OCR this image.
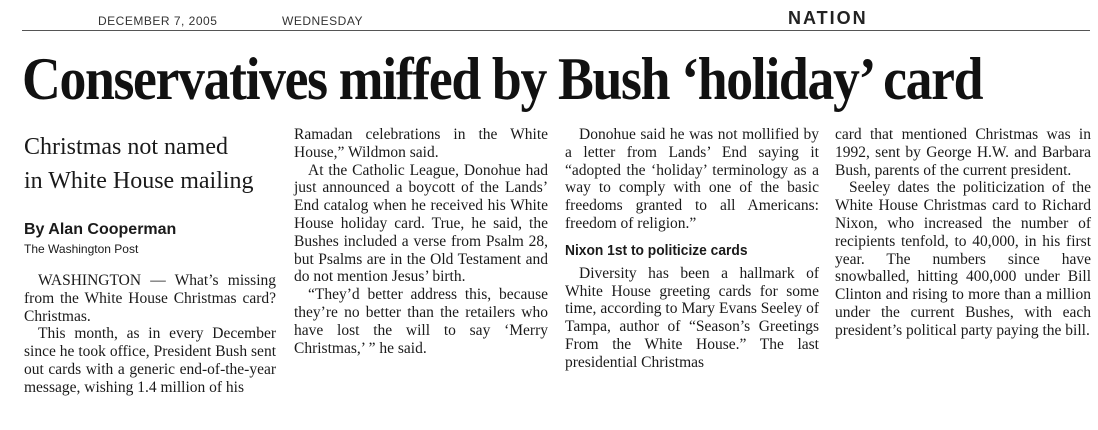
DECEMBER 7, 2005	WEDNESDAY	NATION
Conservatives miffed by Bush ‘holiday’ card
Christmas not named
in White House mailing
By Alan Cooperman
The Washington Post

WASHINGTON — What’s missing from the White House Christmas card? Christmas.

This month, as in every December since he took office, President Bush sent out cards with a generic end-of-the-year message, wishing 1.4 million of his

Ramadan celebrations in the White House,” Wildmon said.

At the Catholic League, Donohue had just announced a boycott of the Lands’ End catalog when he received his White House holiday card. True, he said, the Bushes included a verse from Psalm 28, but Psalms are in the Old Testament and do not mention Jesus’ birth.

“They’d better address this, because they’re no better than the retailers who have lost the will to say ‘Merry Christmas,’ ” he said.

Donohue said he was not mollified by a letter from Lands’ End saying it “adopted the ‘holiday’ terminology as a way to comply with one of the basic freedoms granted to all Americans: freedom of religion.”

Nixon 1st to politicize cards

Diversity has been a hallmark of White House greeting cards for some time, according to Mary Evans Seeley of Tampa, author of “Season’s Greetings From the White House.” The last presidential Christmas

card that mentioned Christmas was in 1992, sent by George H.W. and Barbara Bush, parents of the current president.

Seeley dates the politicization of the White House Christmas card to Richard Nixon, who increased the number of recipients tenfold, to 40,000, in his first year. The numbers since have snowballed, hitting 400,000 under Bill Clinton and rising to more than a million under the current Bushes, with each president’s political party paying the bill.
